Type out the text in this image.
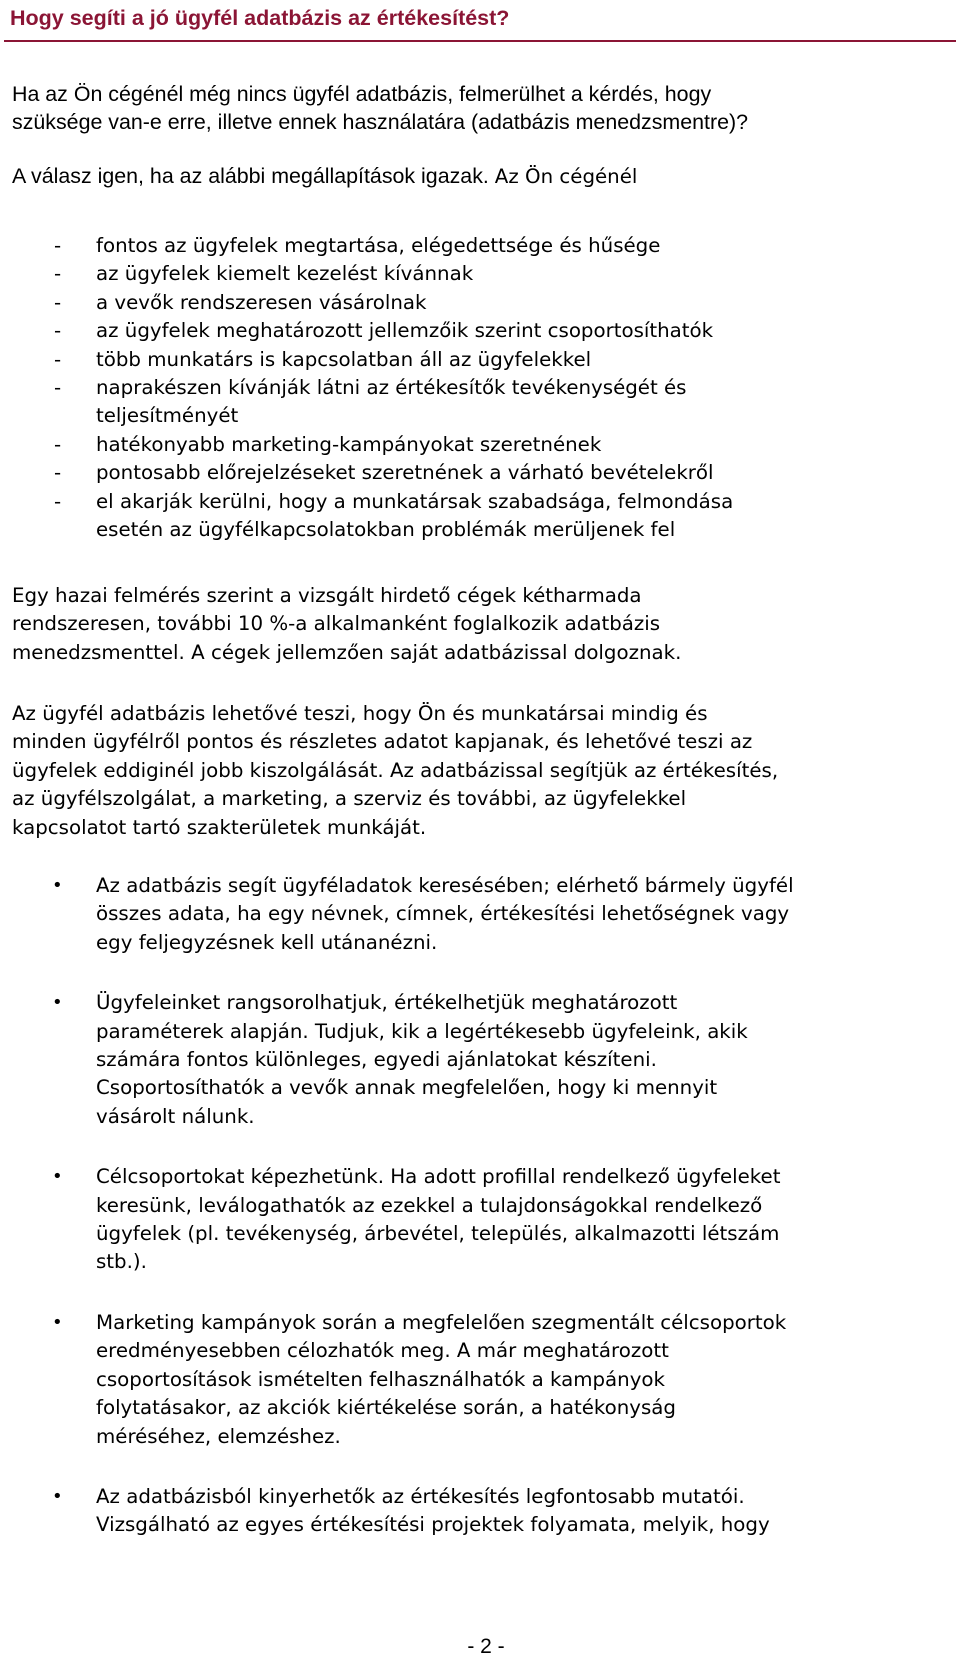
Hogy segíti a jó ügyfél adatbázis az értékesítést?
Ha az Ön cégénél még nincs ügyfél adatbázis, felmerülhet a kérdés, hogy
szüksége van-e erre, illetve ennek használatára (adatbázis menedzsmentre)?
A válasz igen, ha az alábbi megállapítások igazak. Az Ön cégénél
- fontos az ügyfelek megtartása, elégedettsége és hűsége
- az ügyfelek kiemelt kezelést kívánnak
- a vevők rendszeresen vásárolnak
- az ügyfelek meghatározott jellemzőik szerint csoportosíthatók
- több munkatárs is kapcsolatban áll az ügyfelekkel
- naprakészen kívánják látni az értékesítők tevékenységét és
teljesítményét
- hatékonyabb marketing-kampányokat szeretnének
- pontosabb előrejelzéseket szeretnének a várható bevételekről
- el akarják kerülni, hogy a munkatársak szabadsága, felmondása
esetén az ügyfélkapcsolatokban problémák merüljenek fel
Egy hazai felmérés szerint a vizsgált hirdető cégek kétharmada
rendszeresen, további 10 %-a alkalmanként foglalkozik adatbázis
menedzsmenttel. A cégek jellemzően saját adatbázissal dolgoznak.
Az ügyfél adatbázis lehetővé teszi, hogy Ön és munkatársai mindig és
minden ügyfélről pontos és részletes adatot kapjanak, és lehetővé teszi az
ügyfelek eddiginél jobb kiszolgálását. Az adatbázissal segítjük az értékesítés,
az ügyfélszolgálat, a marketing, a szerviz és további, az ügyfelekkel
kapcsolatot tartó szakterületek munkáját.
• Az adatbázis segít ügyféladatok keresésében; elérhető bármely ügyfél
összes adata, ha egy névnek, címnek, értékesítési lehetőségnek vagy
egy feljegyzésnek kell utánanézni.
• Ügyfeleinket rangsorolhatjuk, értékelhetjük meghatározott
paraméterek alapján. Tudjuk, kik a legértékesebb ügyfeleink, akik
számára fontos különleges, egyedi ajánlatokat készíteni.
Csoportosíthatók a vevők annak megfelelően, hogy ki mennyit
vásárolt nálunk.
• Célcsoportokat képezhetünk. Ha adott profillal rendelkező ügyfeleket
keresünk, leválogathatók az ezekkel a tulajdonságokkal rendelkező
ügyfelek (pl. tevékenység, árbevétel, település, alkalmazotti létszám
stb.).
• Marketing kampányok során a megfelelően szegmentált célcsoportok
eredményesebben célozhatók meg. A már meghatározott
csoportosítások ismételten felhasználhatók a kampányok
folytatásakor, az akciók kiértékelése során, a hatékonyság
méréséhez, elemzéshez.
• Az adatbázisból kinyerhetők az értékesítés legfontosabb mutatói.
Vizsgálható az egyes értékesítési projektek folyamata, melyik, hogy
- 2 -
